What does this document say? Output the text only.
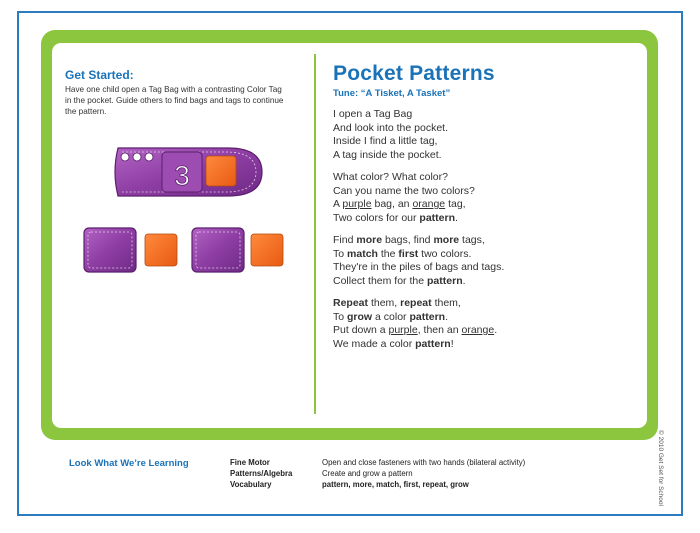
Get Started:
Have one child open a Tag Bag with a contrasting Color Tag in the pocket. Guide others to find bags and tags to continue the pattern.
3
Pocket Patterns
Tune: “A Tisket, A Tasket”
I open a Tag Bag
And look into the pocket.
Inside I find a little tag,
A tag inside the pocket.
What color? What color?
Can you name the two colors?
A purple bag, an orange tag,
Two colors for our pattern.
Find more bags, find more tags,
To match the first two colors.
They're in the piles of bags and tags.
Collect them for the pattern.
Repeat them, repeat them,
To grow a color pattern.
Put down a purple, then an orange.
We made a color pattern!
© 2010 Get Set for School
Look What We’re Learning	Fine Motor	Open and close fasteners with two hands (bilateral activity)
Patterns/Algebra	Create and grow a pattern
Vocabulary	pattern, more, match, first, repeat, grow
